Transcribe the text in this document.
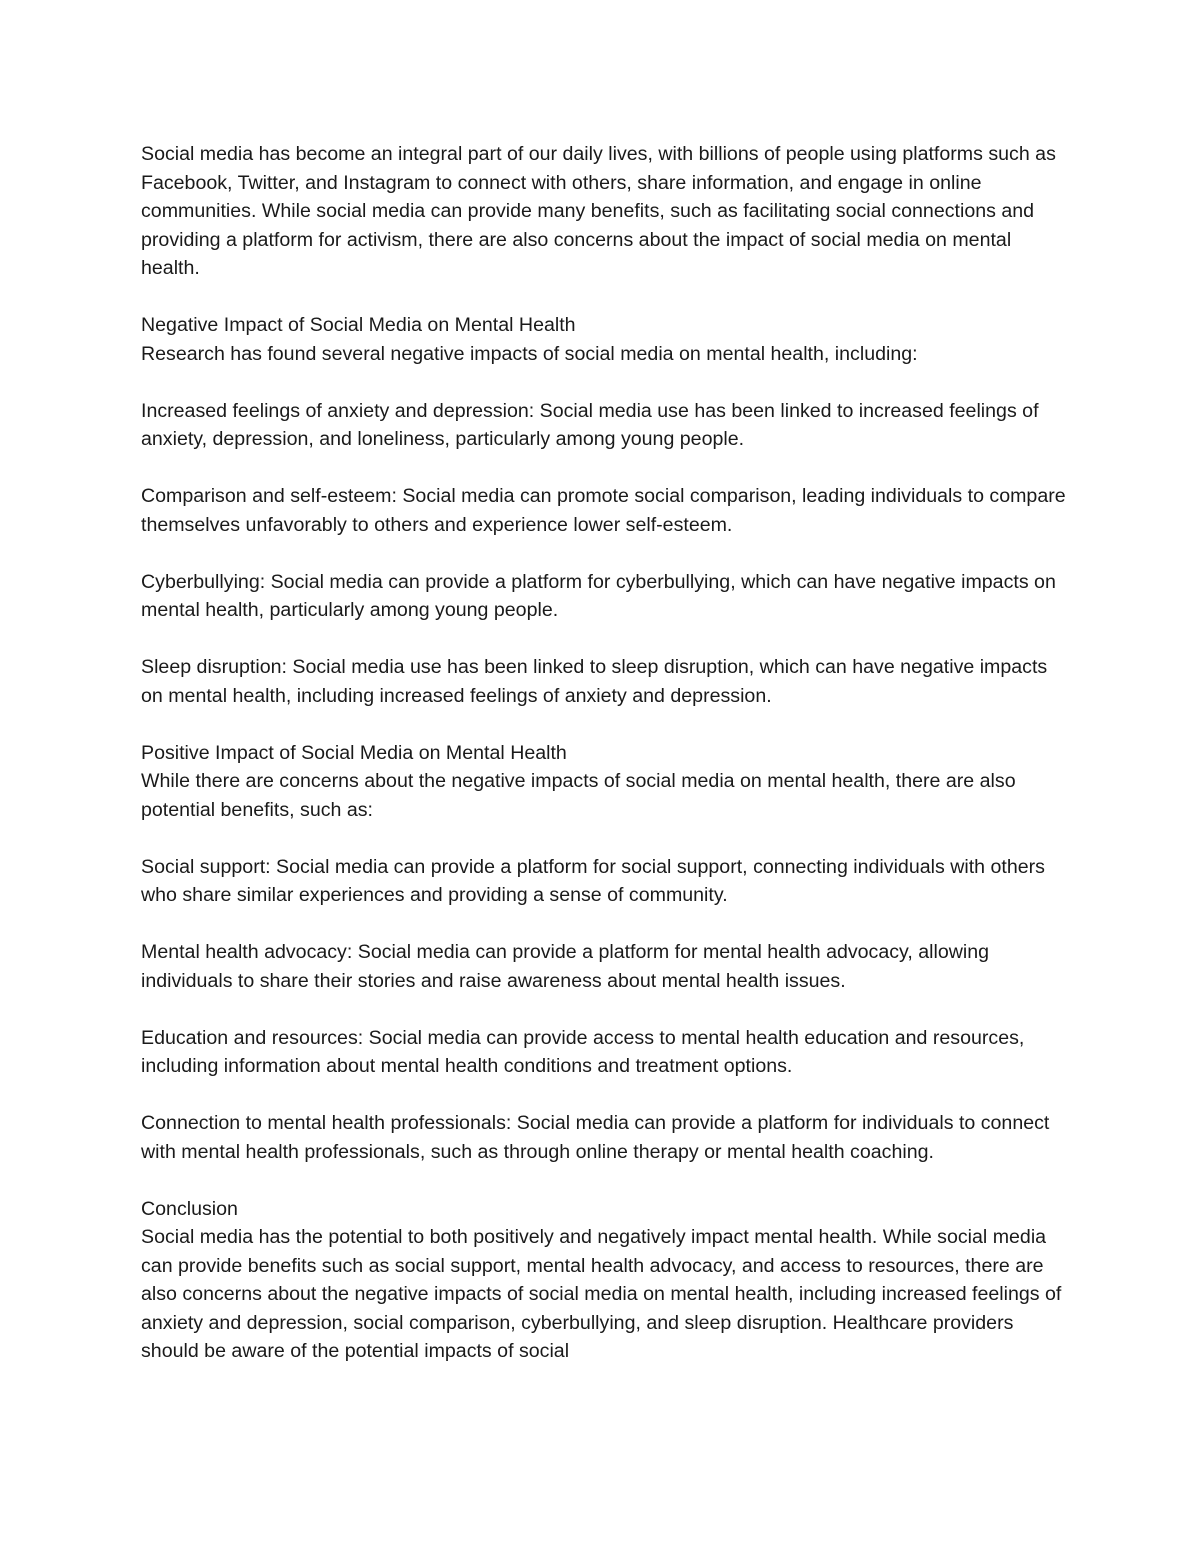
Social media has become an integral part of our daily lives, with billions of people using platforms such as Facebook, Twitter, and Instagram to connect with others, share information, and engage in online communities. While social media can provide many benefits, such as facilitating social connections and providing a platform for activism, there are also concerns about the impact of social media on mental health.

Negative Impact of Social Media on Mental Health

Research has found several negative impacts of social media on mental health, including:

Increased feelings of anxiety and depression: Social media use has been linked to increased feelings of anxiety, depression, and loneliness, particularly among young people.

Comparison and self-esteem: Social media can promote social comparison, leading individuals to compare themselves unfavorably to others and experience lower self-esteem.

Cyberbullying: Social media can provide a platform for cyberbullying, which can have negative impacts on mental health, particularly among young people.

Sleep disruption: Social media use has been linked to sleep disruption, which can have negative impacts on mental health, including increased feelings of anxiety and depression.

Positive Impact of Social Media on Mental Health

While there are concerns about the negative impacts of social media on mental health, there are also potential benefits, such as:

Social support: Social media can provide a platform for social support, connecting individuals with others who share similar experiences and providing a sense of community.

Mental health advocacy: Social media can provide a platform for mental health advocacy, allowing individuals to share their stories and raise awareness about mental health issues.

Education and resources: Social media can provide access to mental health education and resources, including information about mental health conditions and treatment options.

Connection to mental health professionals: Social media can provide a platform for individuals to connect with mental health professionals, such as through online therapy or mental health coaching.

Conclusion

Social media has the potential to both positively and negatively impact mental health. While social media can provide benefits such as social support, mental health advocacy, and access to resources, there are also concerns about the negative impacts of social media on mental health, including increased feelings of anxiety and depression, social comparison, cyberbullying, and sleep disruption. Healthcare providers should be aware of the potential impacts of social
